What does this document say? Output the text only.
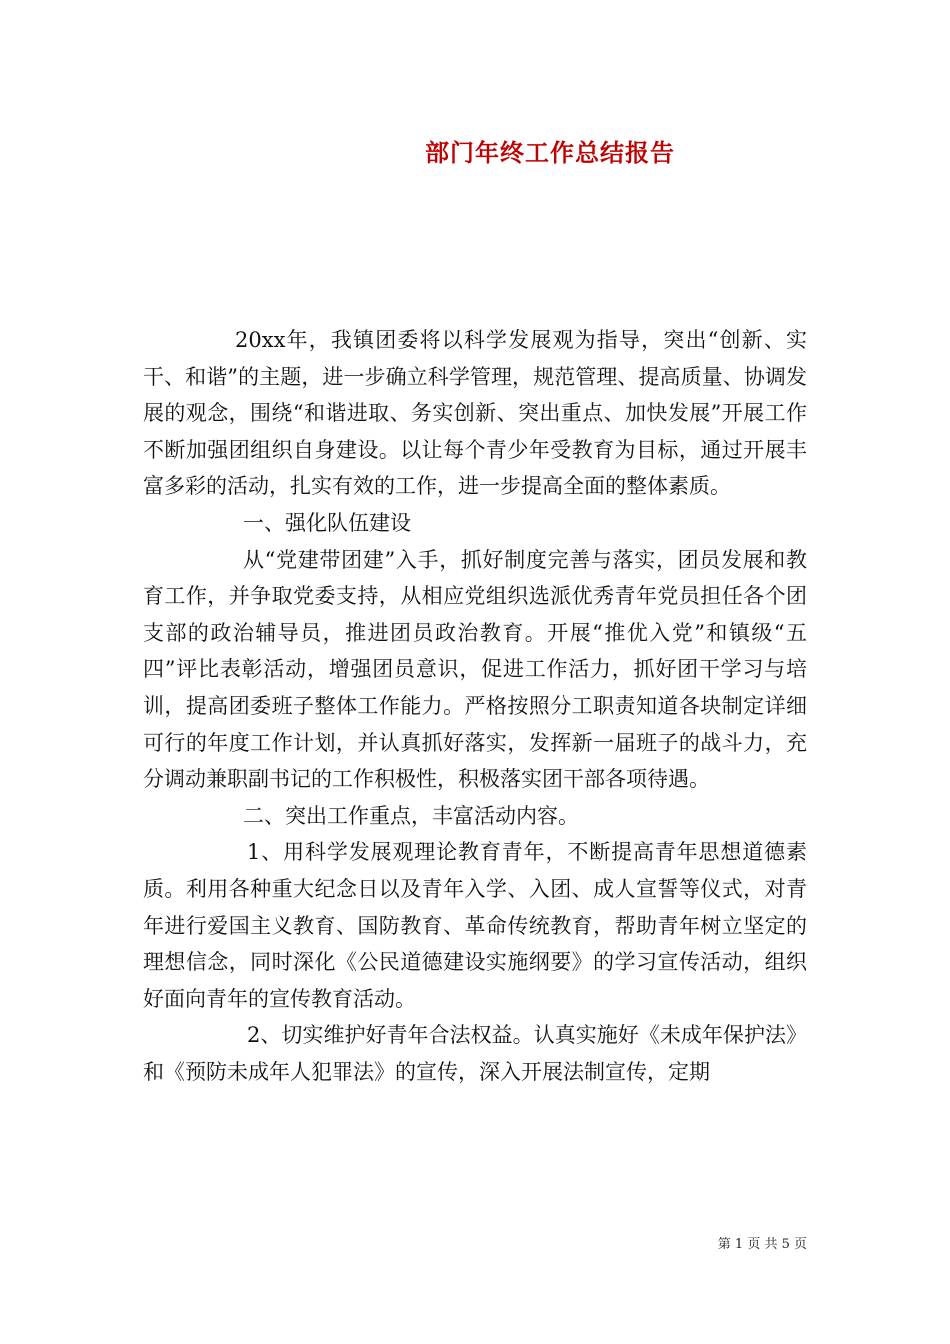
部门年终工作总结报告

20xx年，我镇团委将以科学发展观为指导，突出“创新、实干、和谐”的主题，进一步确立科学管理，规范管理、提高质量、协调发展的观念，围绕“和谐进取、务实创新、突出重点、加快发展”开展工作不断加强团组织自身建设。以让每个青少年受教育为目标，通过开展丰富多彩的活动，扎实有效的工作，进一步提高全面的整体素质。

一、强化队伍建设

从“党建带团建”入手，抓好制度完善与落实，团员发展和教育工作，并争取党委支持，从相应党组织选派优秀青年党员担任各个团支部的政治辅导员，推进团员政治教育。开展“推优入党”和镇级“五四”评比表彰活动，增强团员意识，促进工作活力，抓好团干学习与培训，提高团委班子整体工作能力。严格按照分工职责知道各块制定详细可行的年度工作计划，并认真抓好落实，发挥新一届班子的战斗力，充分调动兼职副书记的工作积极性，积极落实团干部各项待遇。

二、突出工作重点，丰富活动内容。

1、用科学发展观理论教育青年，不断提高青年思想道德素质。利用各种重大纪念日以及青年入学、入团、成人宣誓等仪式，对青年进行爱国主义教育、国防教育、革命传统教育，帮助青年树立坚定的理想信念，同时深化《公民道德建设实施纲要》的学习宣传活动，组织好面向青年的宣传教育活动。

2、切实维护好青年合法权益。认真实施好《未成年保护法》和《预防未成年人犯罪法》的宣传，深入开展法制宣传，定期

第 1 页 共 5 页
